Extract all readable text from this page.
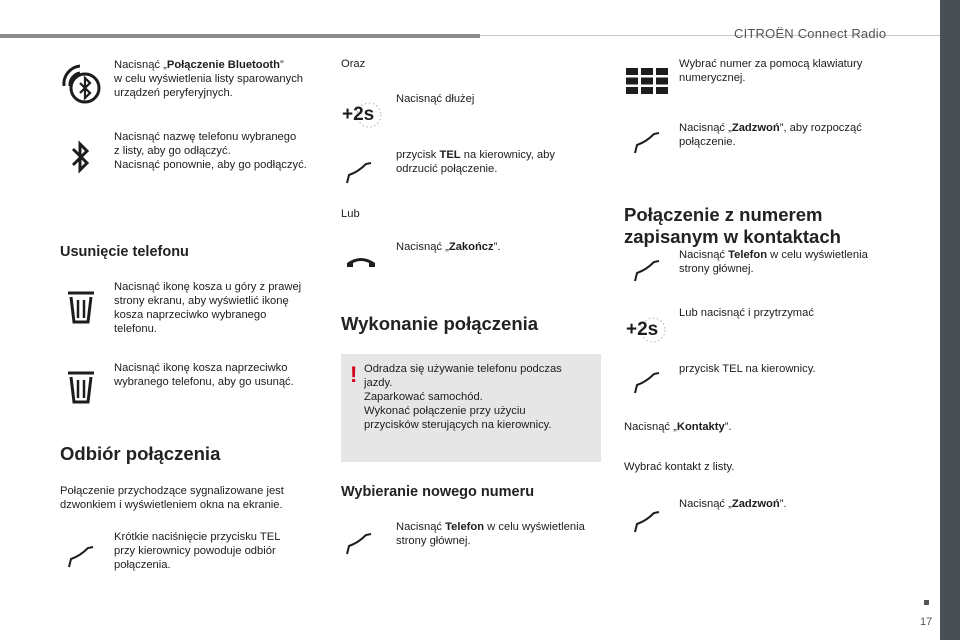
CITROËN Connect Radio
17
Nacisnąć „Połączenie Bluetooth”
w celu wyświetlenia listy sparowanych
urządzeń peryferyjnych.
Nacisnąć nazwę telefonu wybranego
z listy, aby go odłączyć.
Nacisnąć ponownie, aby go podłączyć.
Usunięcie telefonu
Nacisnąć ikonę kosza u góry z prawej
strony ekranu, aby wyświetlić ikonę
kosza naprzeciwko wybranego
telefonu.
Nacisnąć ikonę kosza naprzeciwko
wybranego telefonu, aby go usunąć.
Odbiór połączenia
Połączenie przychodzące sygnalizowane jest
dzwonkiem i wyświetleniem okna na ekranie.
Krótkie naciśnięcie przycisku TEL
przy kierownicy powoduje odbiór
połączenia.
Oraz
+2s
Nacisnąć dłużej
przycisk TEL na kierownicy, aby
odrzucić połączenie.
Lub
Nacisnąć „Zakończ”.
Wykonanie połączenia
! Odradza się używanie telefonu podczas
jazdy.
Zaparkować samochód.
Wykonać połączenie przy użyciu
przycisków sterujących na kierownicy.
Wybieranie nowego numeru
Nacisnąć Telefon w celu wyświetlenia
strony głównej.
Wybrać numer za pomocą klawiatury
numerycznej.
Nacisnąć „Zadzwoń”, aby rozpocząć
połączenie.
Połączenie z numerem
zapisanym w kontaktach
Nacisnąć Telefon w celu wyświetlenia
strony głównej.
+2s
Lub nacisnąć i przytrzymać
przycisk TEL na kierownicy.
Nacisnąć „Kontakty”.
Wybrać kontakt z listy.
Nacisnąć „Zadzwoń”.
